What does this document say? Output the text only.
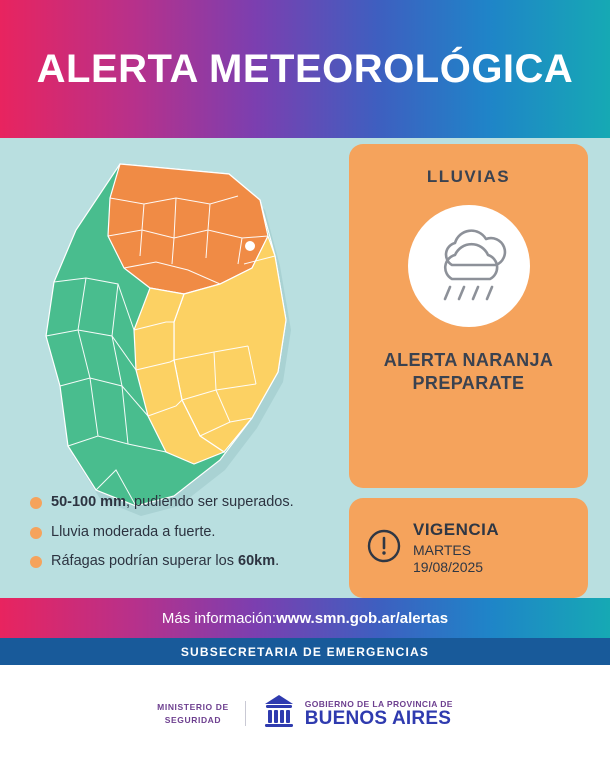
ALERTA METEOROLÓGICA
50-100 mm, pudiendo ser superados.
Lluvia moderada a fuerte.
Ráfagas podrían superar los 60km.
LLUVIAS
ALERTA NARANJA
PREPARATE
VIGENCIA
MARTES
19/08/2025
Más información: www.smn.gob.ar/alertas
SUBSECRETARIA DE EMERGENCIAS
MINISTERIO DE
SEGURIDAD
GOBIERNO DE LA PROVINCIA DE
BUENOS AIRES
